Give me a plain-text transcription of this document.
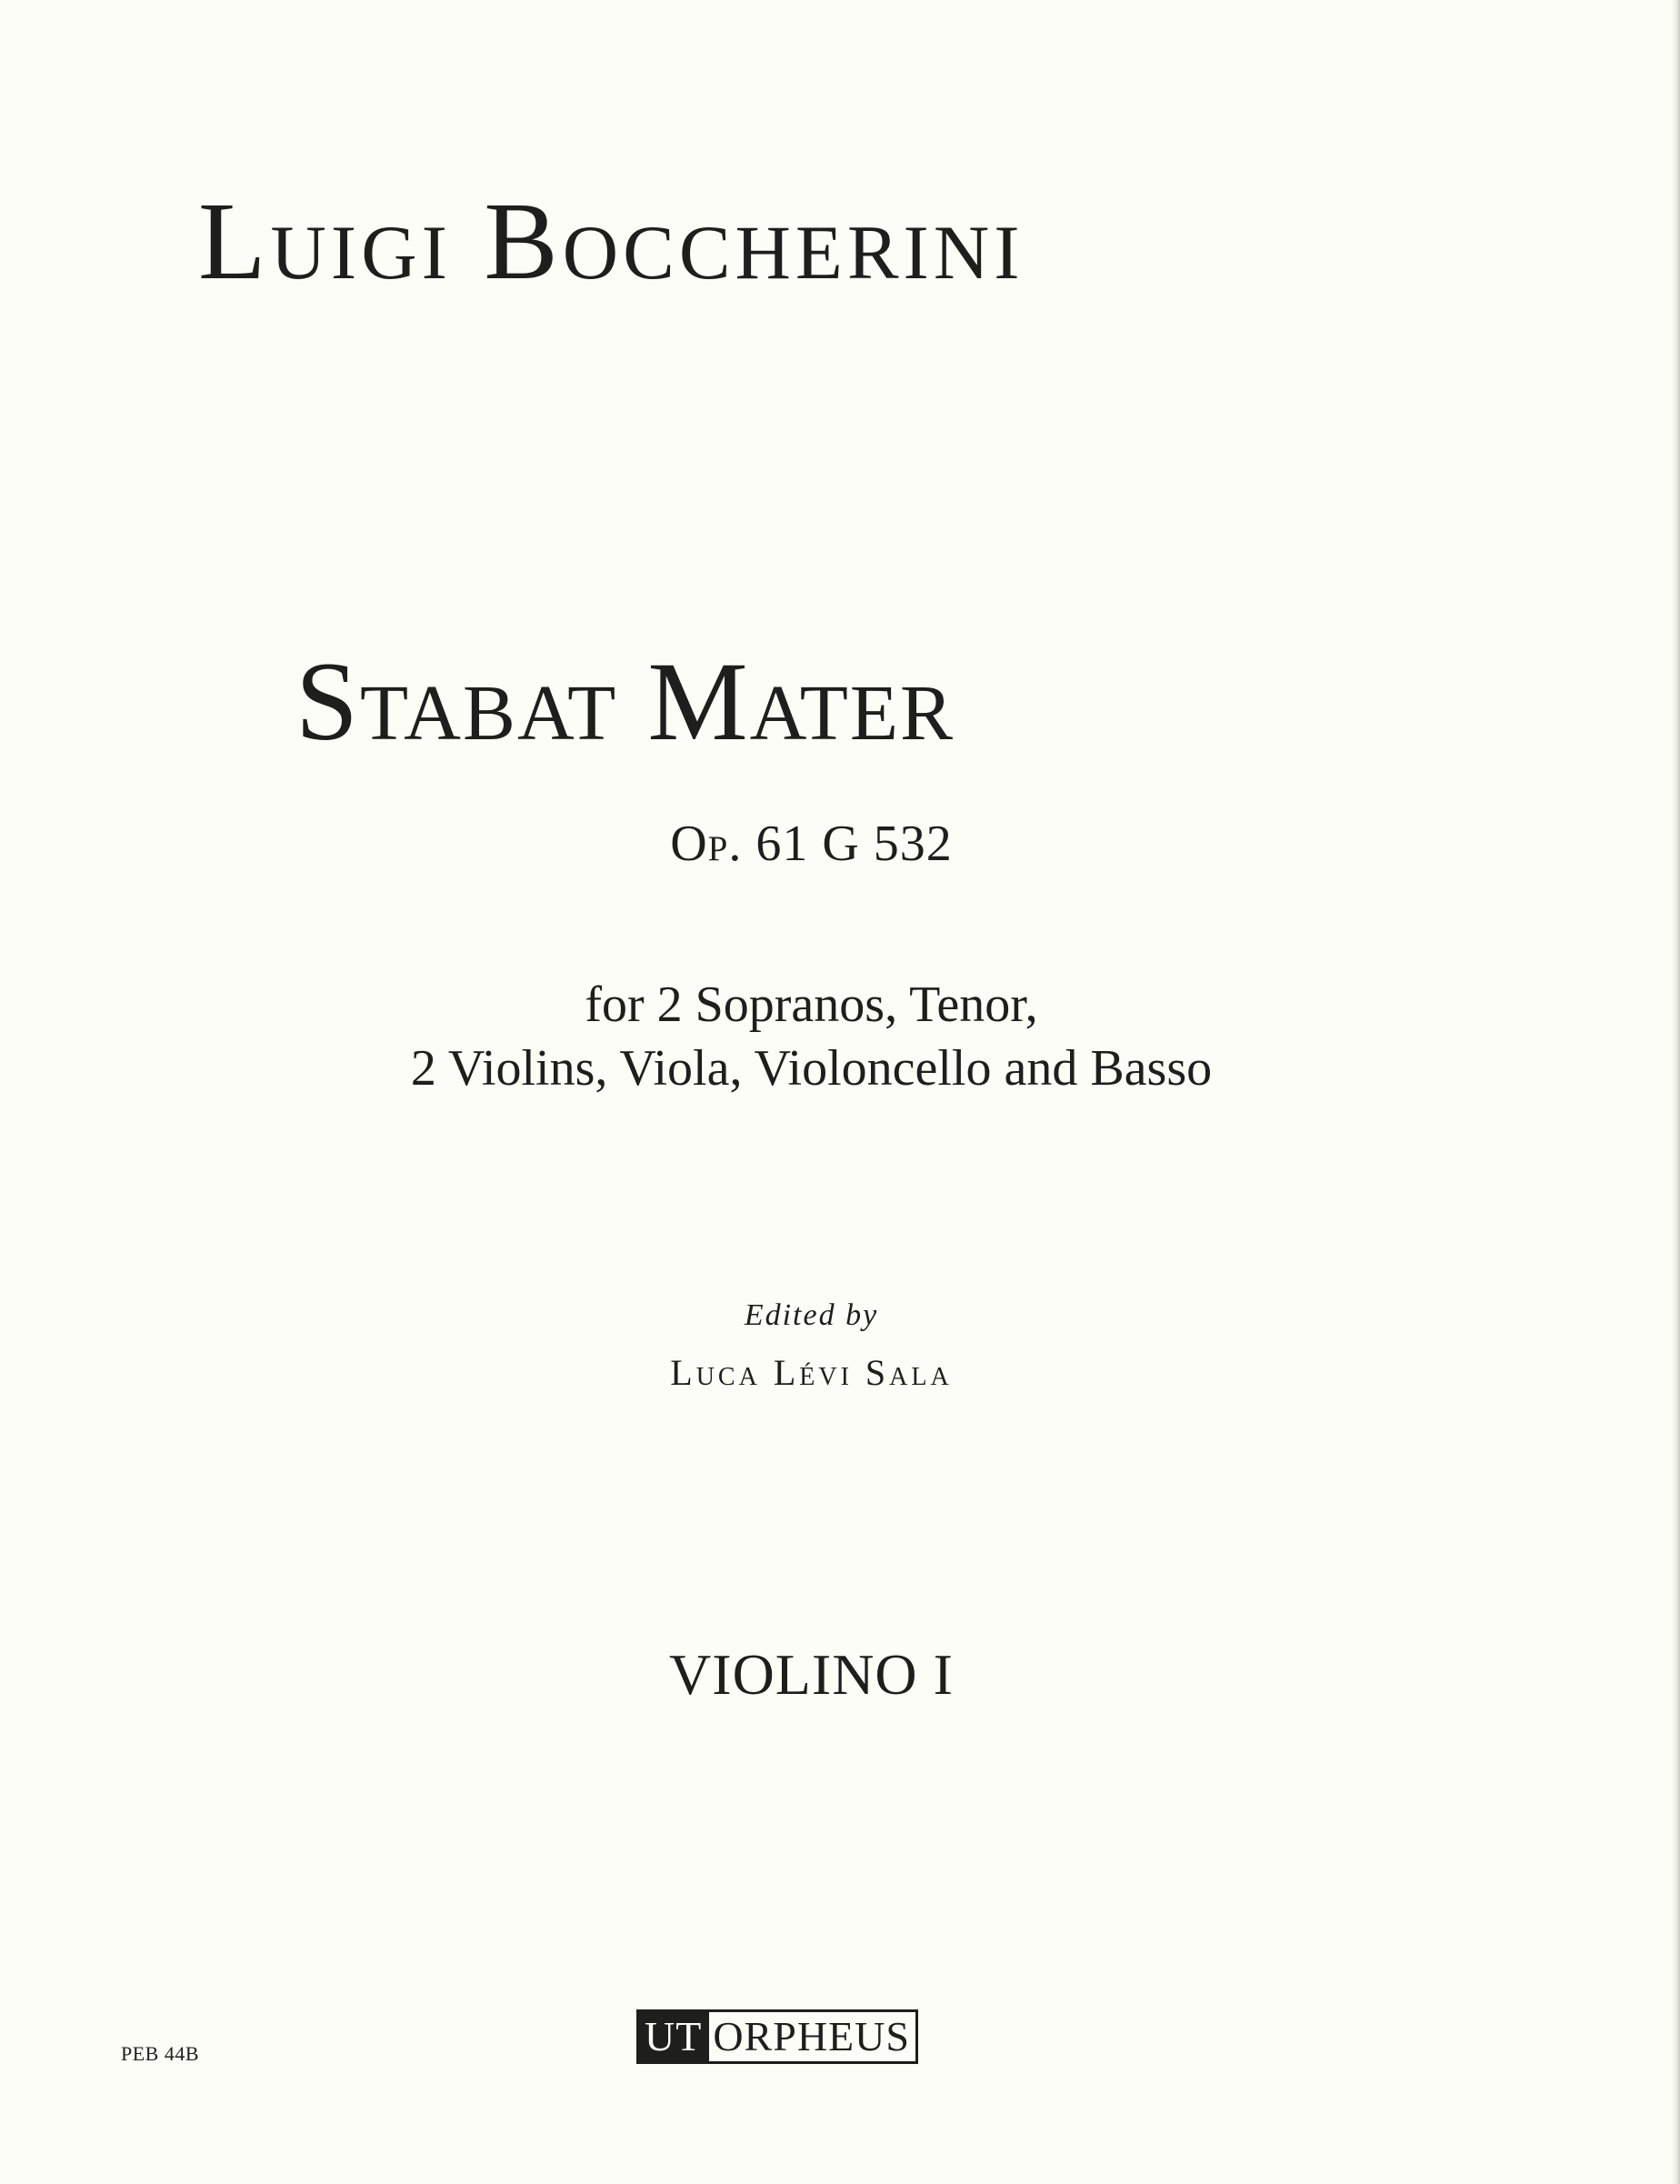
Luigi Boccherini
Stabat Mater
Op. 61 G 532
for 2 Sopranos, Tenor,
2 Violins, Viola, Violoncello and Basso
Edited by
Luca Lévi Sala
VIOLINO I
PEB 44B	UT ORPHEUS
